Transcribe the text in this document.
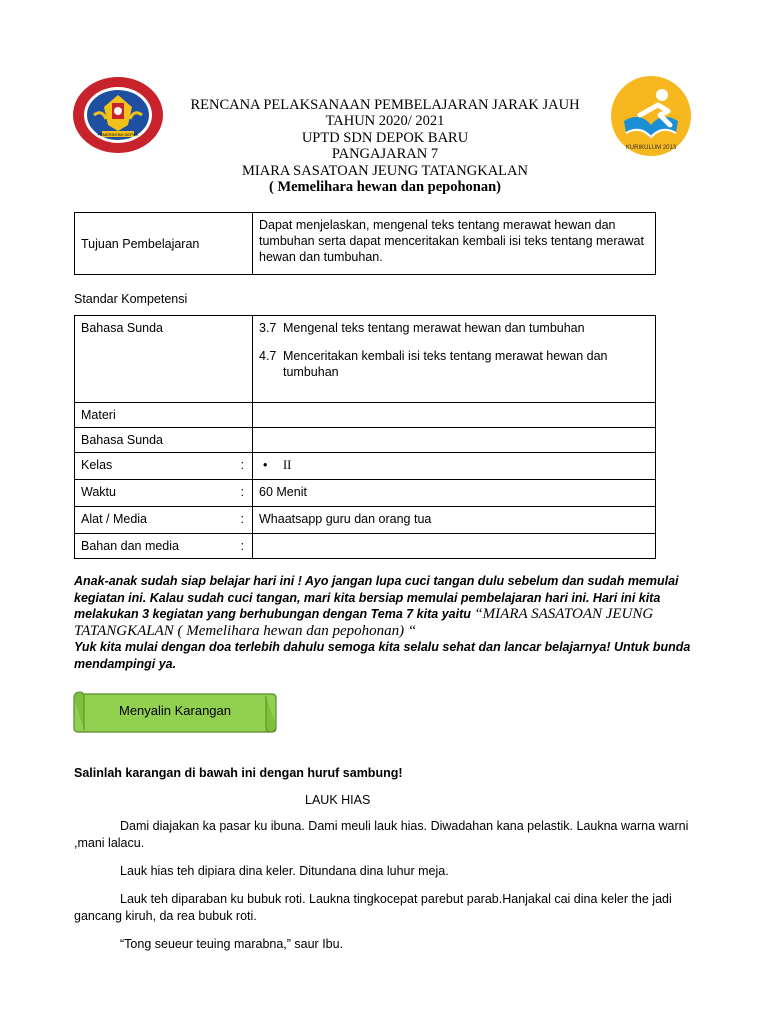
PEMERINTAH DEPOK
KURIKULUM 2013
RENCANA PELAKSANAAN PEMBELAJARAN JARAK JAUH
TAHUN 2020/ 2021
UPTD SDN DEPOK BARU
PANGAJARAN 7
MIARA SASATOAN JEUNG TATANGKALAN
( Memelihara hewan dan pepohonan)
Tujuan Pembelajaran	Dapat menjelaskan, mengenal teks tentang merawat hewan dan tumbuhan serta dapat menceritakan kembali isi teks tentang merawat hewan dan tumbuhan.
Standar Kompetensi
Bahasa Sunda	3.7 Mengenal teks tentang merawat hewan dan tumbuhan
4.7 Menceritakan kembali isi teks tentang merawat hewan dan
tumbuhan

Materi

Bahasa Sunda

Kelas :	• II
Waktu :	60 Menit
Alat / Media :	Whaatsapp guru dan orang tua
Bahan dan media :	

Anak-anak sudah siap belajar hari ini ! Ayo jangan lupa cuci tangan dulu sebelum dan sudah memulai kegiatan ini. Kalau sudah cuci tangan, mari kita bersiap memulai pembelajaran hari ini. Hari ini kita melakukan 3 kegiatan yang berhubungan dengan Tema 7 kita yaitu “MIARA SASATOAN JEUNG TATANGKALAN ( Memelihara hewan dan pepohonan) “
Yuk kita mulai dengan doa terlebih dahulu semoga kita selalu sehat dan lancar belajarnya! Untuk bunda mendampingi ya.
Menyalin Karangan
Salinlah karangan di bawah ini dengan huruf sambung!
LAUK HIAS

Dami diajakan ka pasar ku ibuna. Dami meuli lauk hias. Diwadahan kana pelastik. Laukna warna warni ,mani lalacu.

Lauk hias teh dipiara dina keler. Ditundana dina luhur meja.

Lauk teh diparaban ku bubuk roti. Laukna tingkocepat parebut parab.Hanjakal cai dina keler the jadi gancang kiruh, da rea bubuk roti.

“Tong seueur teuing marabna,” saur Ibu.
